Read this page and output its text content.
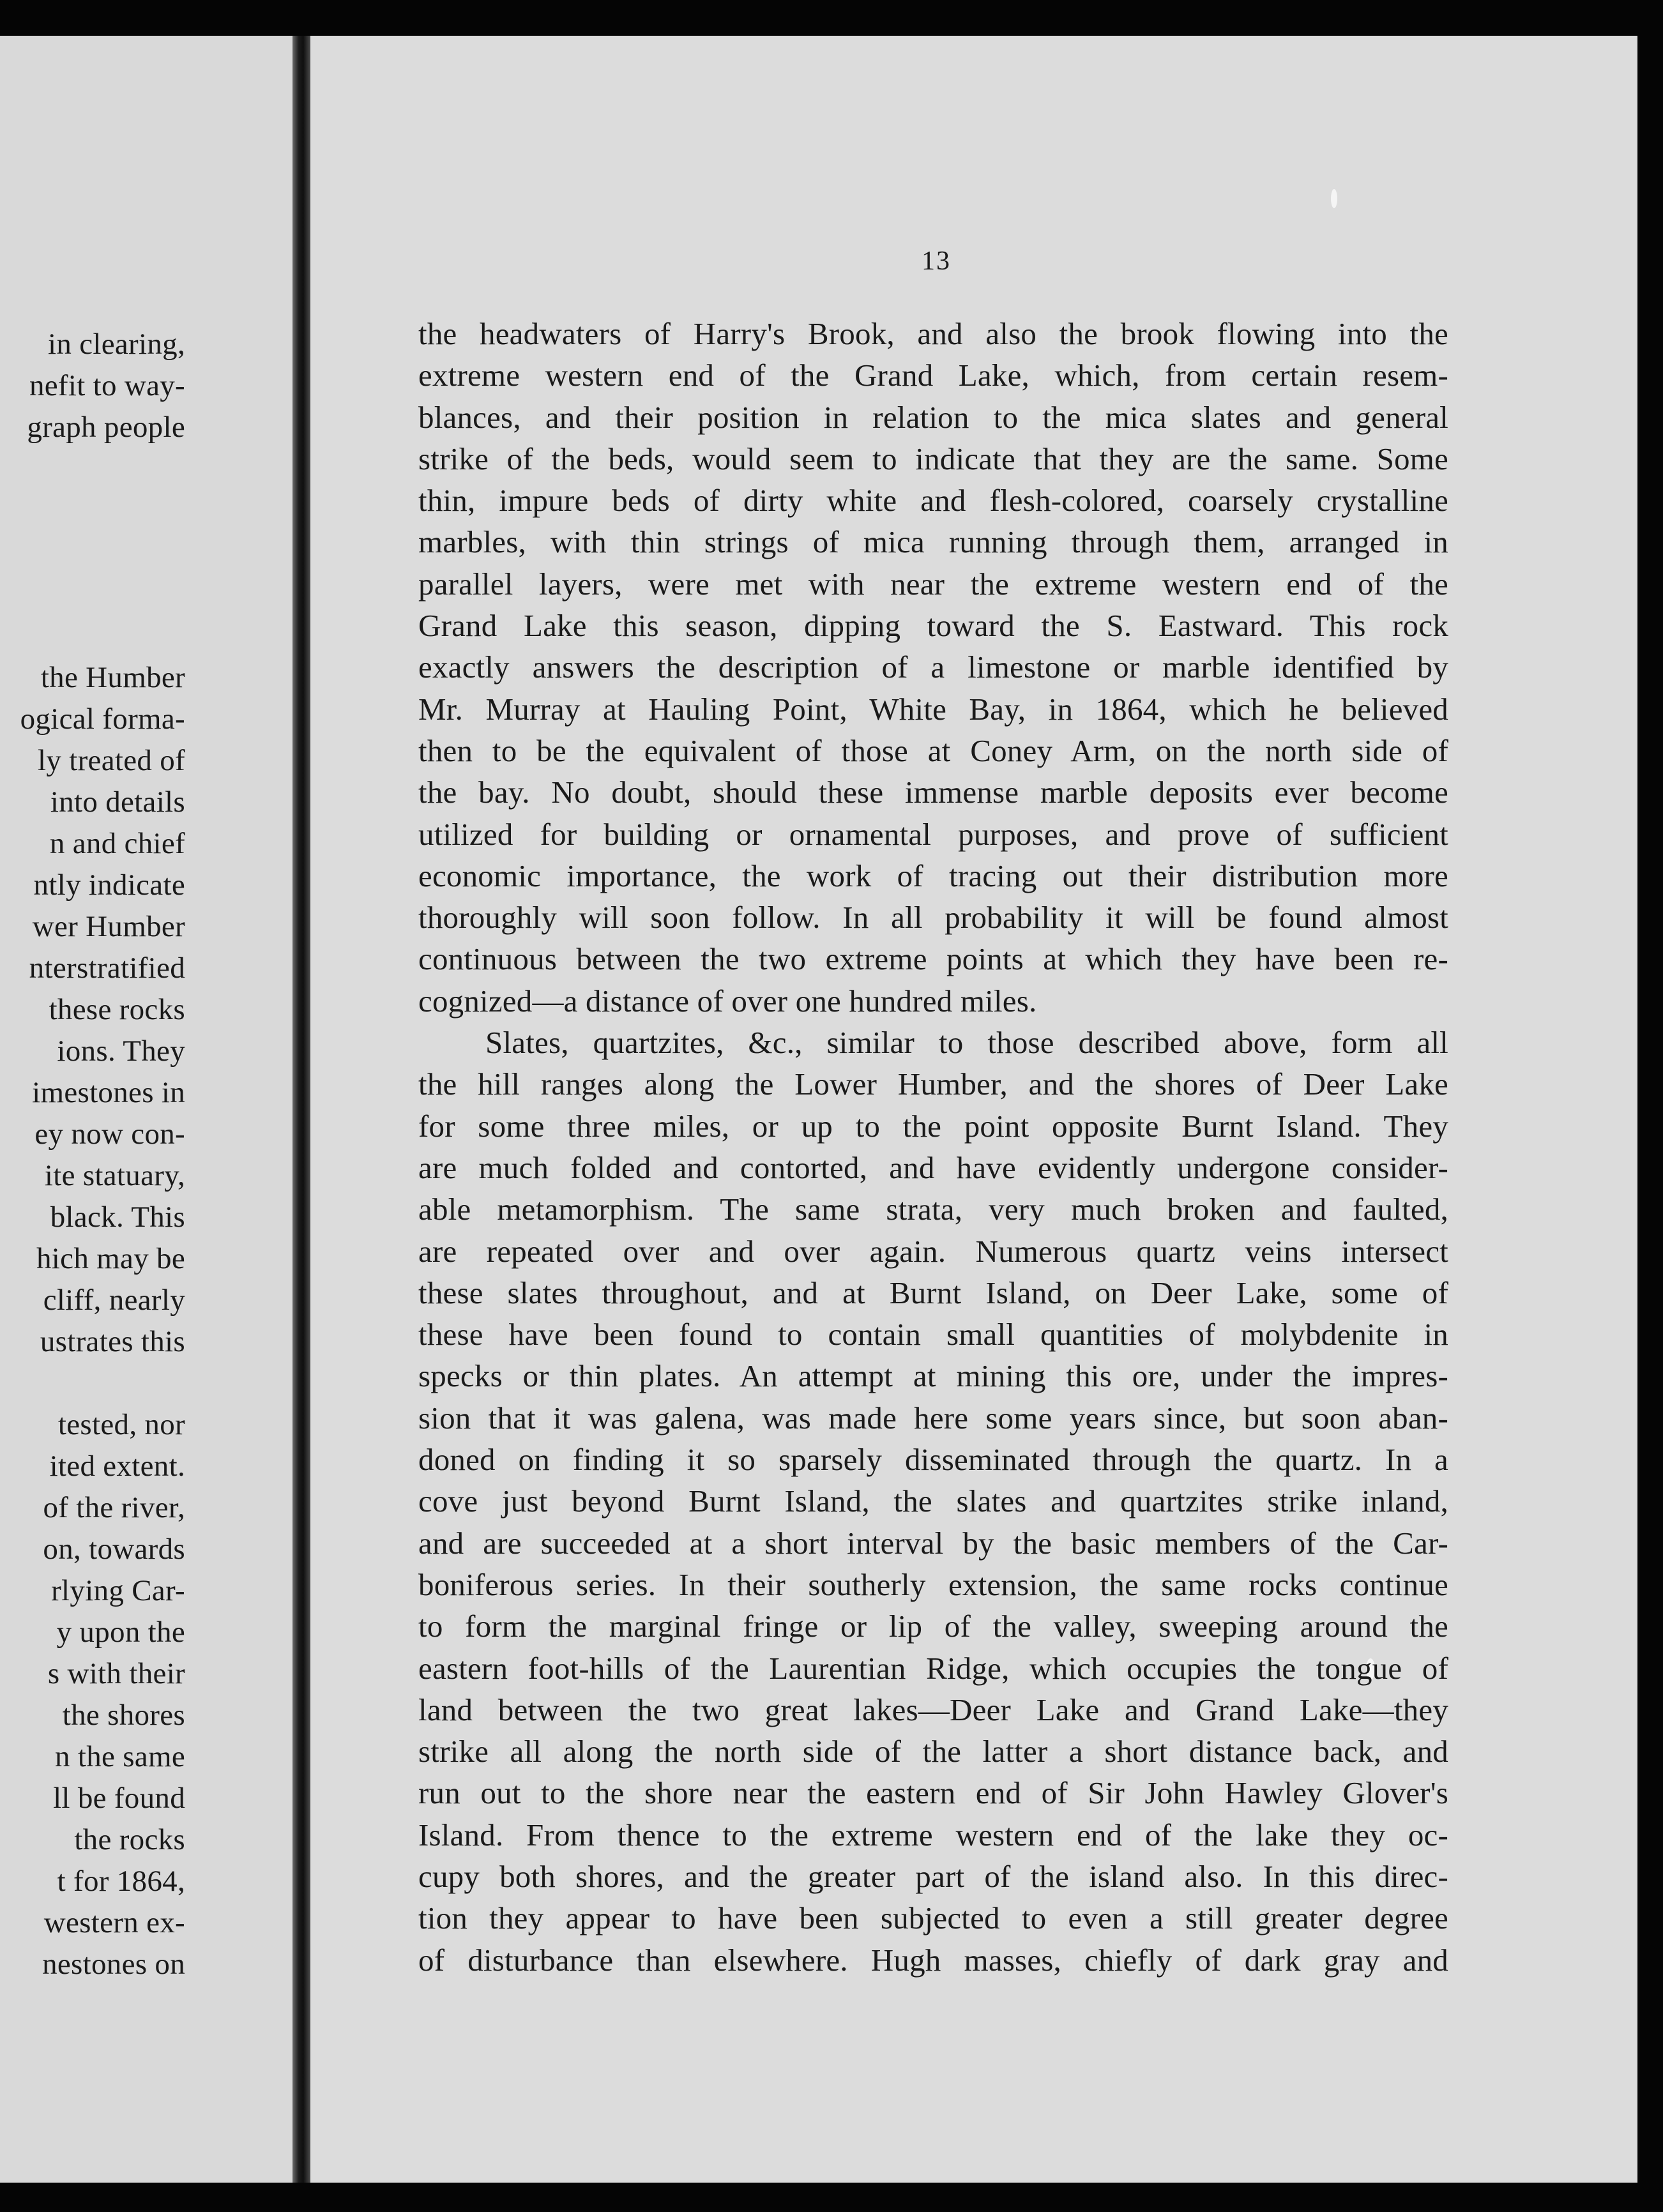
in clearing,
nefit to way-
graph people
the Humber
ogical forma-
ly treated of
into details
n and chief
ntly indicate
wer Humber
nterstratified
these rocks
ions. They
imestones in
ey now con-
ite statuary,
black. This
hich may be
cliff, nearly
ustrates this
tested, nor
ited extent.
of the river,
on, towards
rlying Car-
y upon the
s with their
the shores
n the same
ll be found
the rocks
t for 1864,
western ex-
nestones on
13
the headwaters of Harry's Brook, and also the brook flowing into the
extreme western end of the Grand Lake, which, from certain resem-
blances, and their position in relation to the mica slates and general
strike of the beds, would seem to indicate that they are the same. Some
thin, impure beds of dirty white and flesh-colored, coarsely crystalline
marbles, with thin strings of mica running through them, arranged in
parallel layers, were met with near the extreme western end of the
Grand Lake this season, dipping toward the S. Eastward. This rock
exactly answers the description of a limestone or marble identified by
Mr. Murray at Hauling Point, White Bay, in 1864, which he believed
then to be the equivalent of those at Coney Arm, on the north side of
the bay. No doubt, should these immense marble deposits ever become
utilized for building or ornamental purposes, and prove of sufficient
economic importance, the work of tracing out their distribution more
thoroughly will soon follow. In all probability it will be found almost
continuous between the two extreme points at which they have been re-
cognized—a distance of over one hundred miles.
Slates, quartzites, &c., similar to those described above, form all
the hill ranges along the Lower Humber, and the shores of Deer Lake
for some three miles, or up to the point opposite Burnt Island. They
are much folded and contorted, and have evidently undergone consider-
able metamorphism. The same strata, very much broken and faulted,
are repeated over and over again. Numerous quartz veins intersect
these slates throughout, and at Burnt Island, on Deer Lake, some of
these have been found to contain small quantities of molybdenite in
specks or thin plates. An attempt at mining this ore, under the impres-
sion that it was galena, was made here some years since, but soon aban-
doned on finding it so sparsely disseminated through the quartz. In a
cove just beyond Burnt Island, the slates and quartzites strike inland,
and are succeeded at a short interval by the basic members of the Car-
boniferous series. In their southerly extension, the same rocks continue
to form the marginal fringe or lip of the valley, sweeping around the
eastern foot-hills of the Laurentian Ridge, which occupies the tongue of
land between the two great lakes—Deer Lake and Grand Lake—they
strike all along the north side of the latter a short distance back, and
run out to the shore near the eastern end of Sir John Hawley Glover's
Island. From thence to the extreme western end of the lake they oc-
cupy both shores, and the greater part of the island also. In this direc-
tion they appear to have been subjected to even a still greater degree
of disturbance than elsewhere. Hugh masses, chiefly of dark gray and
